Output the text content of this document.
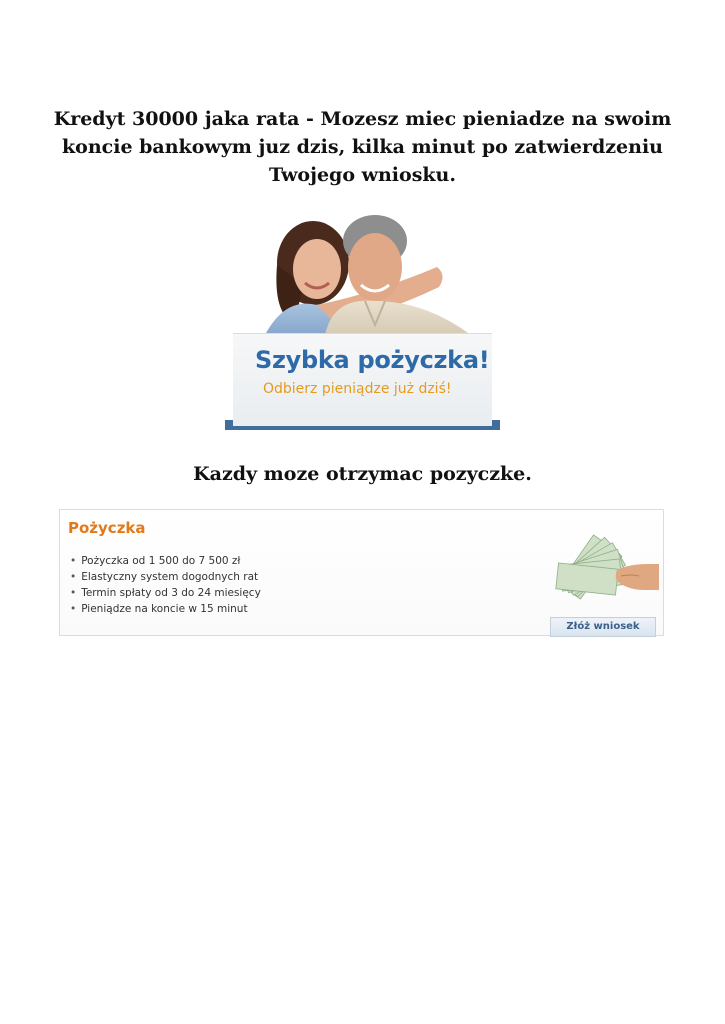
Kredyt 30000 jaka rata - Mozesz miec pieniadze na swoim koncie bankowym juz dzis, kilka minut po zatwierdzeniu Twojego wniosku.
Szybka pożyczka!
Odbierz pieniądze już dziś!
Kazdy moze otrzymac pozyczke.
Pożyczka
• Pożyczka od 1 500 do 7 500 zł
• Elastyczny system dogodnych rat
• Termin spłaty od 3 do 24 miesięcy
• Pieniądze na koncie w 15 minut
Złóż wniosek
